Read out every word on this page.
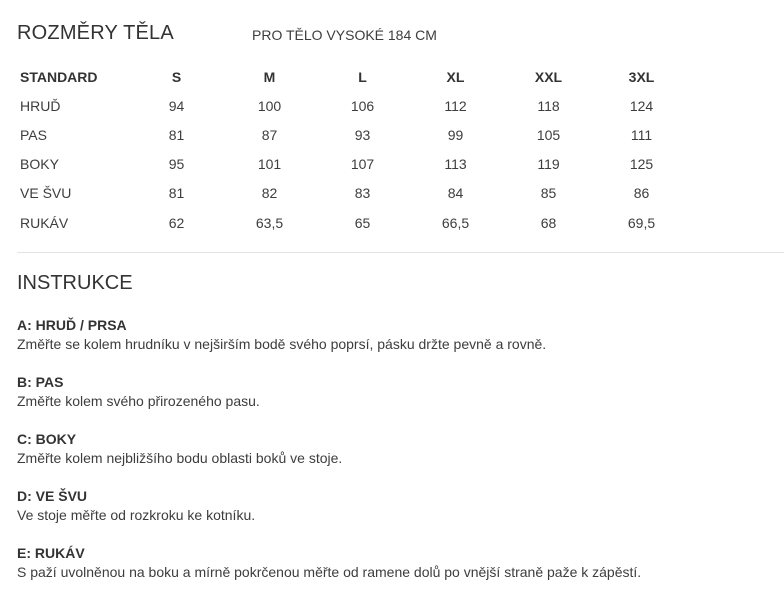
ROZMĚRY TĚLA	PRO TĚLO VYSOKÉ 184 CM
STANDARD	S	M	L	XL	XXL	3XL
HRUĎ	94	100	106	112	118	124
PAS	81	87	93	99	105	111
BOKY	95	101	107	113	119	125
VE ŠVU	81	82	83	84	85	86
RUKÁV	62	63,5	65	66,5	68	69,5
INSTRUKCE
A: HRUĎ / PRSA
Změřte se kolem hrudníku v nejširším bodě svého poprsí, pásku držte pevně a rovně.
B: PAS
Změřte kolem svého přirozeného pasu.
C: BOKY
Změřte kolem nejbližšího bodu oblasti boků ve stoje.
D: VE ŠVU
Ve stoje měřte od rozkroku ke kotníku.
E: RUKÁV
S paží uvolněnou na boku a mírně pokrčenou měřte od ramene dolů po vnější straně paže k zápěstí.
